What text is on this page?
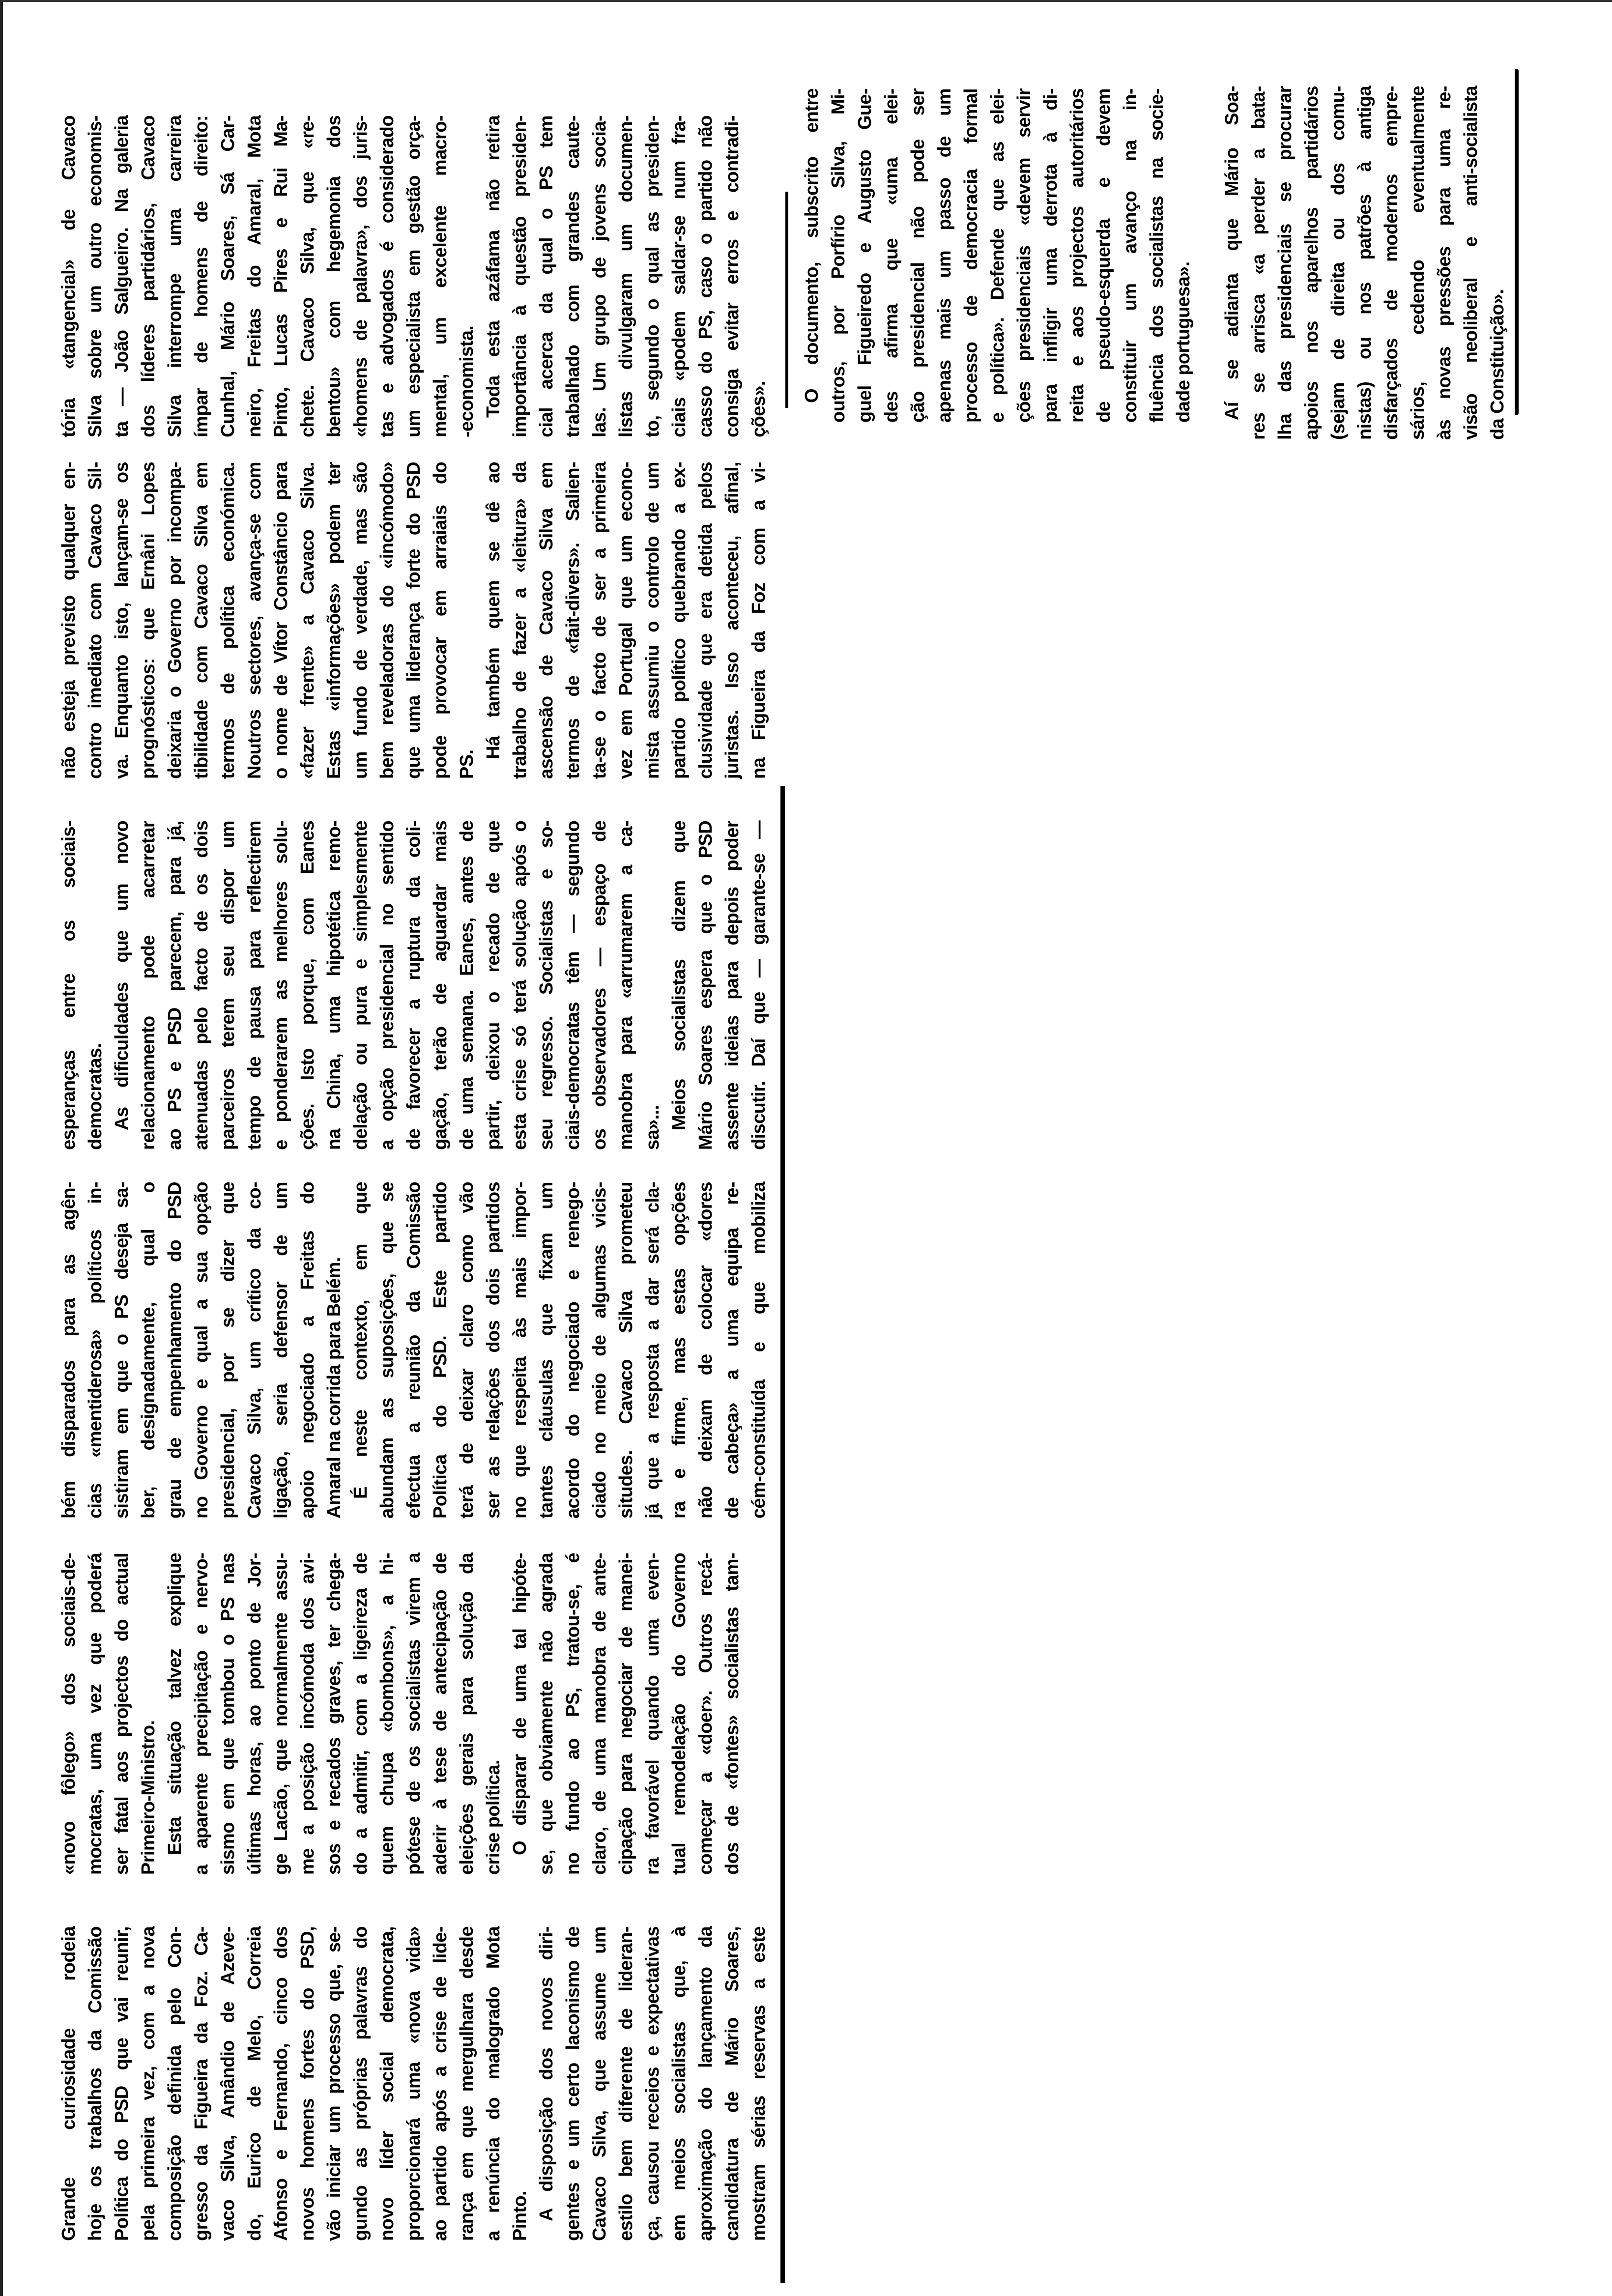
Grande curiosidade rodeia hoje os trabalhos da Comissão Política do PSD que vai reunir, pela primeira vez, com a nova composição definida pelo Con- gresso da Figueira da Foz. Ca- vaco Silva, Amândio de Azeve- do, Eurico de Melo, Correia Afonso e Fernando, cinco dos novos homens fortes do PSD, vão iniciar um processo que, se- gundo as próprias palavras do novo líder social democrata, proporcionará uma «nova vida» ao partido após a crise de lide- rança em que mergulhara desde a renúncia do malogrado Mota Pinto. A disposição dos novos diri- gentes e um certo laconismo de Cavaco Silva, que assume um estilo bem diferente de lideran- ça, causou receios e expectativas em meios socialistas que, à aproximação do lançamento da candidatura de Mário Soares, mostram sérias reservas a este
«novo fôlego» dos sociais-de- mocratas, uma vez que poderá ser fatal aos projectos do actual Primeiro-Ministro. Esta situação talvez explique a aparente precipitação e nervo- sismo em que tombou o PS nas últimas horas, ao ponto de Jor- ge Lacão, que normalmente assu- me a posição incómoda dos avi- sos e recados graves, ter chega- do a admitir, com a ligeireza de quem chupa «bombons», a hi- pótese de os socialistas virem a aderir à tese de antecipação de eleições gerais para solução da crise política. O disparar de uma tal hipóte- se, que obviamente não agrada no fundo ao PS, tratou-se, é claro, de uma manobra de ante- cipação para negociar de manei- ra favorável quando uma even- tual remodelação do Governo começar a «doer». Outros recá- dos de «fontes» socialistas tam-
bém disparados para as agên- cias «mentiderosa» políticos in- sistiram em que o PS deseja sa- ber, designadamente, qual o grau de empenhamento do PSD no Governo e qual a sua opção presidencial, por se dizer que Cavaco Silva, um crítico da co- ligação, seria defensor de um apoio negociado a Freitas do Amaral na corrida para Belém. É neste contexto, em que abundam as suposições, que se efectua a reunião da Comissão Política do PSD. Este partido terá de deixar claro como vão ser as relações dos dois partidos no que respeita às mais impor- tantes cláusulas que fixam um acordo do negociado e renego- ciado no meio de algumas vicis- situdes. Cavaco Silva prometeu já que a resposta a dar será cla- ra e firme, mas estas opções não deixam de colocar «dores de cabeça» a uma equipa re- cém-constituída e que mobiliza
esperanças entre os sociais- democratas. As dificuldades que um novo relacionamento pode acarretar ao PS e PSD parecem, para já, atenuadas pelo facto de os dois parceiros terem seu dispor um tempo de pausa para reflectirem e ponderarem as melhores solu- ções. Isto porque, com Eanes na China, uma hipotética remo- delação ou pura e simplesmente a opção presidencial no sentido de favorecer a ruptura da coli- gação, terão de aguardar mais de uma semana. Eanes, antes de partir, deixou o recado de que esta crise só terá solução após o seu regresso. Socialistas e so- ciais-democratas têm — segundo os observadores — espaço de manobra para «arrumarem a ca- sa»... Meios socialistas dizem que Mário Soares espera que o PSD assente ideias para depois poder discutir. Daí que — garante-se —
não esteja previsto qualquer en- contro imediato com Cavaco Sil- va. Enquanto isto, lançam-se os prognósticos: que Ernâni Lopes deixaria o Governo por incompa- tibilidade com Cavaco Silva em termos de política económica. Noutros sectores, avança-se com o nome de Vítor Constâncio para «fazer frente» a Cavaco Silva. Estas «informações» podem ter um fundo de verdade, mas são bem reveladoras do «incómodo» que uma liderança forte do PSD pode provocar em arraiais do PS.
Há também quem se dê ao trabalho de fazer a «leitura» da ascensão de Cavaco Silva em termos de «fait-divers». Salien- ta-se o facto de ser a primeira vez em Portugal que um econo- mista assumiu o controlo de um partido político quebrando a ex- clusividade que era detida pelos juristas. Isso aconteceu, afinal, na Figueira da Foz com a vi-
tória «tangencial» de Cavaco Silva sobre um outro economis- ta — João Salgueiro. Na galeria dos líderes partidários, Cavaco Silva interrompe uma carreira ímpar de homens de direito: Cunhal, Mário Soares, Sá Car- neiro, Freitas do Amaral, Mota Pinto, Lucas Pires e Rui Ma- chete. Cavaco Silva, que «re- bentou» com hegemonia dos «homens de palavra», dos juris- tas e advogados é considerado um especialista em gestão orça- mental, um excelente macro- -economista. Toda esta azáfama não retira importância à questão presiden- cial acerca da qual o PS tem trabalhado com grandes caute- las. Um grupo de jovens socia- listas divulgaram um documen- to, segundo o qual as presiden- ciais «podem saldar-se num fra- casso do PS, caso o partido não consiga evitar erros e contradi- ções».
O documento, subscrito entre outros, por Porfírio Silva, Mi- guel Figueiredo e Augusto Gue- des afirma que «uma elei- ção presidencial não pode ser apenas mais um passo de um processo de democracia formal e política». Defende que as elei- ções presidenciais «devem servir para infligir uma derrota à di- reita e aos projectos autoritários de pseudo-esquerda e devem constituir um avanço na in- fluência dos socialistas na socie- dade portuguesa». Aí se adianta que Mário Soa- res se arrisca «a perder a bata- lha das presidenciais se procurar apoios nos aparelhos partidários (sejam de direita ou dos comu- nistas) ou nos patrões à antiga disfarçados de modernos empre- sários, cedendo eventualmente às novas pressões para uma re- visão neoliberal e anti-socialista da Constituição».
